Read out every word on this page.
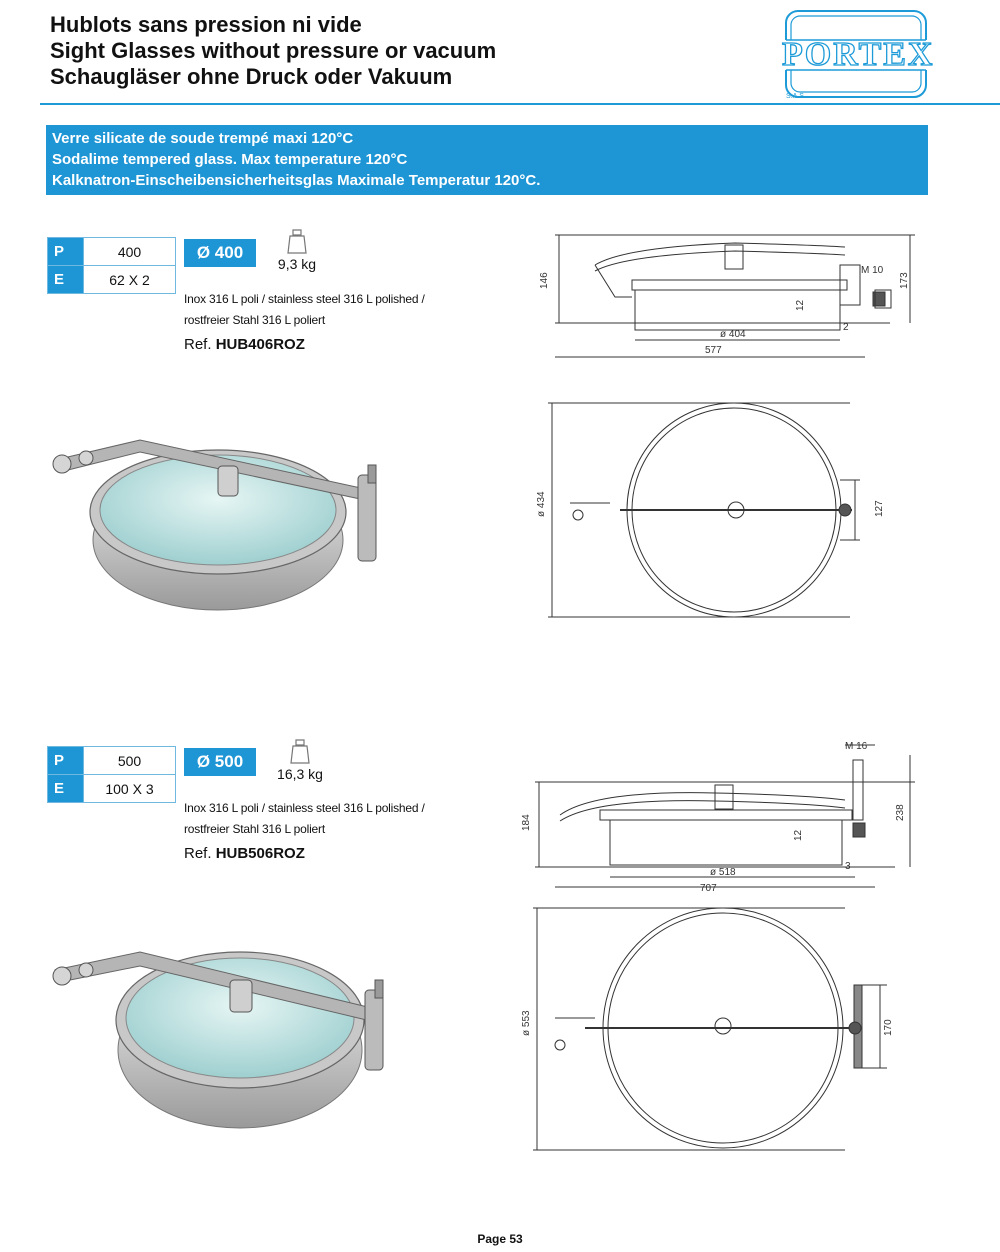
Hublots sans pression ni vide
Sight Glasses without pressure or vacuum
Schaugläser ohne Druck oder Vakuum
PORTEX
S.A.S.
Verre silicate de soude trempé maxi 120°C
Sodalime tempered glass. Max temperature 120°C
Kalknatron-Einscheibensicherheitsglas Maximale Temperatur 120°C.
P	400
E	62 X 2
Ø 400
9,3 kg
Inox 316 L poli / stainless steel 316 L polished /
rostfreier Stahl 316 L poliert
Ref. HUB406ROZ
146
M 10
173
12
2
ø 404
577
ø 434	127
P	500
E	100 X 3
Ø 500
16,3 kg
Inox 316 L poli / stainless steel 316 L polished /
rostfreier Stahl 316 L poliert
Ref. HUB506ROZ
M 16
184
238
12
3
ø 518
707
ø 553	170
Page 53
